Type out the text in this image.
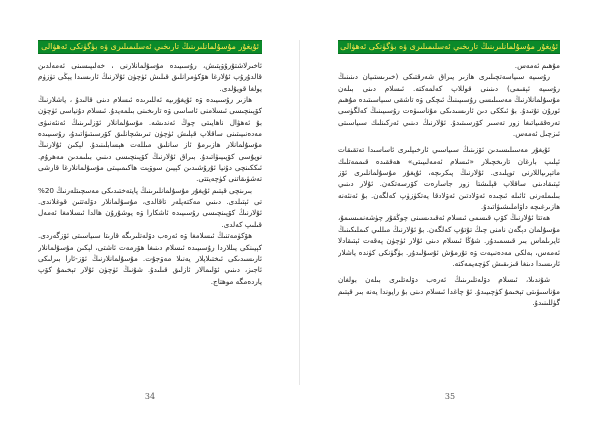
ئۇيغۇر مۇسۇلمانلىرىنىڭ تارىخىي ئەسلىمىلىرى ۋە بۈگۈنكى ئەھۋالى

ئاخىرلاشتۇرۇۋېتىش، رۇسىيىدە مۇسۇلمانلارنى ، خەلىپىسىنى ئەمەلدىن قالدۇرۇپ ئۇلارغا ھۆكۈمرانلىق قىلىش ئۈچۈن ئۇلارنىڭ ئارىسىدا يېڭى تۈزۈم يولغا قويۇلدى.

ھازىر رۇسىيىدە ۋە ئۇيغۇرىيە ئەللىرىدە ئىسلام دىنى قالىدۇ ، ياشلارنىڭ كۆپىنچىسى ئىسلامنى ئاساسى ۋە تارىخىنى بىلمەيدۇ. ئىسلام دۇنياسى ئۈچۈن بۇ ئەھۋال ناھايىتى چوڭ ئەندىشە. مۇسۇلمانلار ئۆزلىرىنىڭ ئەنئەنىۋى مەدەنىيىتىنى ساقلاپ قېلىش ئۈچۈن تىرىشچانلىق كۆرسىتىۋاتىدۇ، رۇسىيىدە مۇسۇلمانلار ھازىرمۇ ئاز سانلىق مىللەت ھېسابلىنىدۇ. لېكىن ئۇلارنىڭ نوپۇسى كۆپىيىۋاتىدۇ. بىراق ئۇلارنىڭ كۆپىنچىسى دىنىي بىلىمدىن مەھرۇم. ئىككىنچى دۇنيا ئۇرۇشىدىن كېيىن سوۋېت ھاكىمىيىتى مۇسۇلمانلارغا قارشى تەشۋىقاتنى كۈچەيتتى.

بىرىنچى قېتىم ئۇيغۇر مۇسۇلمانلىرىنىڭ پايتەختىدىكى مەسچىتلەرنىڭ 20% تى ئېتىلدى. دىنىي مەكتەپلەر تاقالدى، مۇسۇلمانلار دۆلەتتىن قوغلاندى. ئۇلارنىڭ كۆپىنچىسى رۇسىيىدە ئاشكارا ۋە يوشۇرۇن ھالدا ئىسلامغا ئەمەل قىلىپ كەلدى.

ھۆكۈمەتنىڭ ئىسلامغا ۋە ئەرەب دۆلەتلىرىگە قارىتا سىياسىتى ئۆزگەردى. كېيىنكى يىللاردا رۇسىيىدە ئىسلام دىنىغا ھۆرمەت ئاشتى، لېكىن مۇسۇلمانلار ئارىسىدىكى ئىختىلاپلار يەنىلا مەۋجۇت. مۇسۇلمانلارنىڭ ئۆز-ئارا بىرلىكى ئاجىز، دىنىي ئۆلىمالار ئازلىق قىلىدۇ. شۇنىڭ ئۈچۈن ئۇلار تېخىمۇ كۆپ ياردەمگە موھتاج.

34
ئۇيغۇر مۇسۇلمانلىرىنىڭ تارىخىي ئەسلىمىلىرى ۋە بۈگۈنكى ئەھۋالى

مۇھىم ئەمەس.

رۇسىيە سىياسەتچىلىرى ھازىر يىراق شەرقتىكى (خىرىستىيان دىنىنىڭ رۇسىيە ئېقىمى) دىنىنى قوللاپ كەلمەكتە. ئىسلام دىنى بىلەن مۇسۇلمانلارنىڭ مەسىلىسى رۇسىيىنىڭ ئىچكى ۋە تاشقى سىياسىتىدە مۇھىم ئورۇن تۇتىدۇ. بۇ ئىككى دىن ئارىسىدىكى مۇناسىۋەت رۇسىيىنىڭ كەلگۈسى تەرەققىياتىغا زور تەسىر كۆرسىتىدۇ. ئۇلارنىڭ دىنىي ئەركىنلىك سىياسىتى ئىزچىل ئەمەس.

ئۇيغۇر مەسىلىسىدىن ئۆزىنىڭ سىياسىي ئارخىپلىرى ئاساسىدا تەتقىقات ئېلىپ بارغان تارىخچىلار «ئىسلام ئەمەلىيىتى» ھەققىدە قىممەتلىك ماتېرىياللارنى توپلىدى. ئۇلارنىڭ پىكرىچە، ئۇيغۇر مۇسۇلمانلىرى ئۆز ئېتىقادىنى ساقلاپ قېلىشتا زور جاسارەت كۆرسەتكەن. ئۇلار دىنىي بىلىملەرنى ئائىلە ئىچىدە ئەۋلادتىن ئەۋلادقا يەتكۈزۈپ كەلگەن. بۇ ئەنئەنە ھازىرغىچە داۋاملىشىۋاتىدۇ.

ھەتتا ئۇلارنىڭ كۆپ قىسمى ئىسلام ئەقىدىسىنى چوڭقۇر چۈشەنمىسىمۇ، مۇسۇلمان دېگەن نامنى چىڭ تۇتۇپ كەلگەن. بۇ ئۇلارنىڭ مىللىي كىملىكىنىڭ ئايرىلماس بىر قىسمىدۇر. شۇڭا ئىسلام دىنى ئۇلار ئۈچۈن پەقەت ئېتىقادلا ئەمەس، بەلكى مەدەنىيەت ۋە تۇرمۇش ئۇسۇلىدۇر. بۈگۈنكى كۈندە ياشلار ئارىسىدا دىنغا قىزىقىش كۈچەيمەكتە.

شۇندىلا، ئىسلام دۆلەتلىرىنىڭ ئەرەب دۆلەتلىرى بىلەن بولغان مۇناسىۋىتى تېخىمۇ كۈچىيىدۇ. ئۇ چاغدا ئىسلام دىنى بۇ رايوندا يەنە بىر قېتىم گۈللىنىدۇ.

35
